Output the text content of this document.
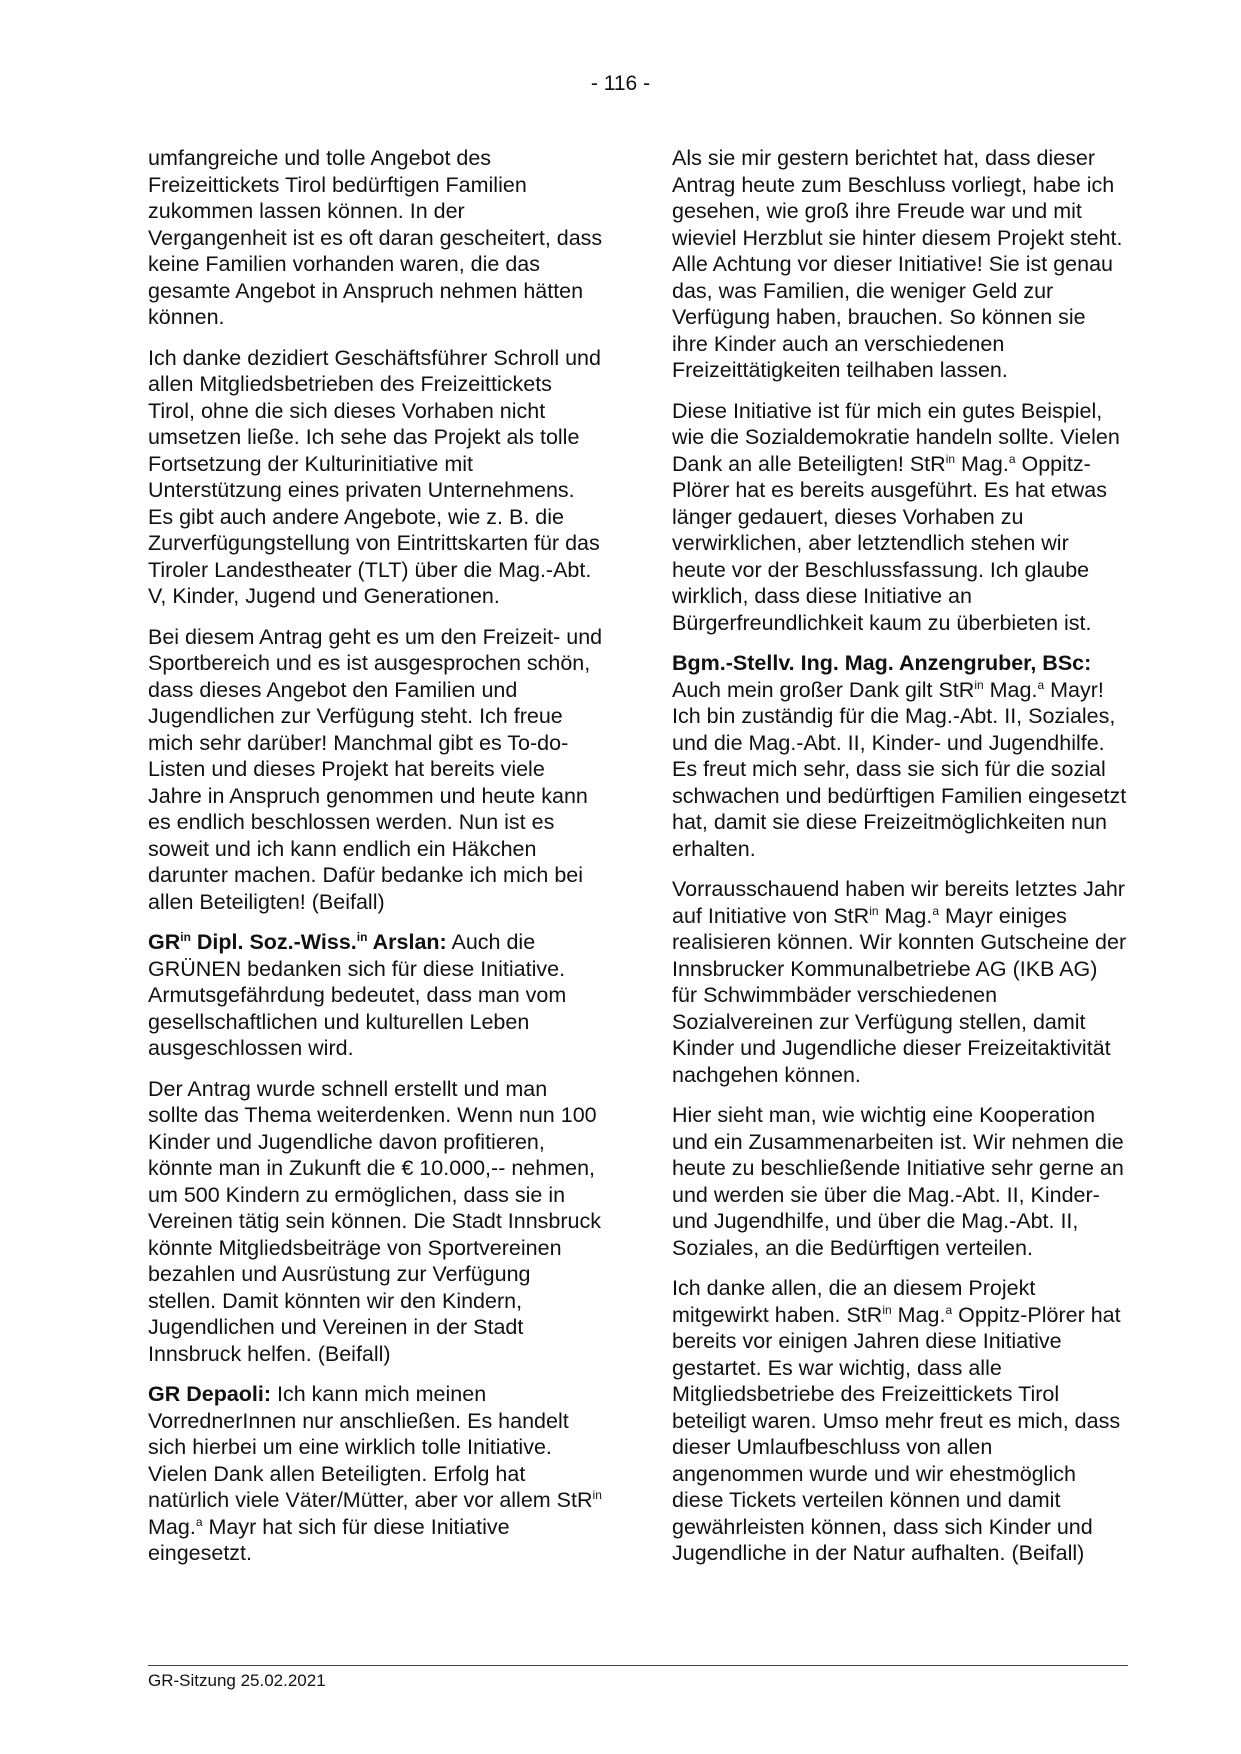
- 116 -

umfangreiche und tolle Angebot des Freizeittickets Tirol bedürftigen Familien zukommen lassen können. In der Vergangenheit ist es oft daran gescheitert, dass keine Familien vorhanden waren, die das gesamte Angebot in Anspruch nehmen hätten können.

Ich danke dezidiert Geschäftsführer Schroll und allen Mitgliedsbetrieben des Freizeittickets Tirol, ohne die sich dieses Vorhaben nicht umsetzen ließe. Ich sehe das Projekt als tolle Fortsetzung der Kulturinitiative mit Unterstützung eines privaten Unternehmens. Es gibt auch andere Angebote, wie z. B. die Zurverfügungstellung von Eintrittskarten für das Tiroler Landestheater (TLT) über die Mag.-Abt. V, Kinder, Jugend und Generationen.

Bei diesem Antrag geht es um den Freizeit- und Sportbereich und es ist ausgesprochen schön, dass dieses Angebot den Familien und Jugendlichen zur Verfügung steht. Ich freue mich sehr darüber! Manchmal gibt es To-do-Listen und dieses Projekt hat bereits viele Jahre in Anspruch genommen und heute kann es endlich beschlossen werden. Nun ist es soweit und ich kann endlich ein Häkchen darunter machen. Dafür bedanke ich mich bei allen Beteiligten! (Beifall)

$GR^{in}$ Dipl. Soz.-Wiss.$^{in}$ Arslan: Auch die GRÜNEN bedanken sich für diese Initiative. Armutsgefährdung bedeutet, dass man vom gesellschaftlichen und kulturellen Leben ausgeschlossen wird.

Der Antrag wurde schnell erstellt und man sollte das Thema weiterdenken. Wenn nun 100 Kinder und Jugendliche davon profitieren, könnte man in Zukunft die € 10.000,-- nehmen, um 500 Kindern zu ermöglichen, dass sie in Vereinen tätig sein können. Die Stadt Innsbruck könnte Mitgliedsbeiträge von Sportvereinen bezahlen und Ausrüstung zur Verfügung stellen. Damit könnten wir den Kindern, Jugendlichen und Vereinen in der Stadt Innsbruck helfen. (Beifall)

GR Depaoli: Ich kann mich meinen VorrednerInnen nur anschließen. Es handelt sich hierbei um eine wirklich tolle Initiative. Vielen Dank allen Beteiligten. Erfolg hat natürlich viele Väter/Mütter, aber vor allem StR$^{in}$ Mag.$^a$ Mayr hat sich für diese Initiative eingesetzt.

Als sie mir gestern berichtet hat, dass dieser Antrag heute zum Beschluss vorliegt, habe ich gesehen, wie groß ihre Freude war und mit wieviel Herzblut sie hinter diesem Projekt steht. Alle Achtung vor dieser Initiative! Sie ist genau das, was Familien, die weniger Geld zur Verfügung haben, brauchen. So können sie ihre Kinder auch an verschiedenen Freizeittätigkeiten teilhaben lassen.

Diese Initiative ist für mich ein gutes Beispiel, wie die Sozialdemokratie handeln sollte. Vielen Dank an alle Beteiligten! StR$^{in}$ Mag.$^a$ Oppitz-Plörer hat es bereits ausgeführt. Es hat etwas länger gedauert, dieses Vorhaben zu verwirklichen, aber letztendlich stehen wir heute vor der Beschlussfassung. Ich glaube wirklich, dass diese Initiative an Bürgerfreundlichkeit kaum zu überbieten ist.

Bgm.-Stellv. Ing. Mag. Anzengruber, BSc: Auch mein großer Dank gilt StR$^{in}$ Mag.$^a$ Mayr! Ich bin zuständig für die Mag.-Abt. II, Soziales, und die Mag.-Abt. II, Kinder- und Jugendhilfe. Es freut mich sehr, dass sie sich für die sozial schwachen und bedürftigen Familien eingesetzt hat, damit sie diese Freizeitmöglichkeiten nun erhalten.

Vorrausschauend haben wir bereits letztes Jahr auf Initiative von StR$^{in}$ Mag.$^a$ Mayr einiges realisieren können. Wir konnten Gutscheine der Innsbrucker Kommunalbetriebe AG (IKB AG) für Schwimmbäder verschiedenen Sozialvereinen zur Verfügung stellen, damit Kinder und Jugendliche dieser Freizeitaktivität nachgehen können.

Hier sieht man, wie wichtig eine Kooperation und ein Zusammenarbeiten ist. Wir nehmen die heute zu beschließende Initiative sehr gerne an und werden sie über die Mag.-Abt. II, Kinder- und Jugendhilfe, und über die Mag.-Abt. II, Soziales, an die Bedürftigen verteilen.

Ich danke allen, die an diesem Projekt mitgewirkt haben. StR$^{in}$ Mag.$^a$ Oppitz-Plörer hat bereits vor einigen Jahren diese Initiative gestartet. Es war wichtig, dass alle Mitgliedsbetriebe des Freizeittickets Tirol beteiligt waren. Umso mehr freut es mich, dass dieser Umlaufbeschluss von allen angenommen wurde und wir ehestmöglich diese Tickets verteilen können und damit gewährleisten können, dass sich Kinder und Jugendliche in der Natur aufhalten. (Beifall)

GR-Sitzung 25.02.2021
